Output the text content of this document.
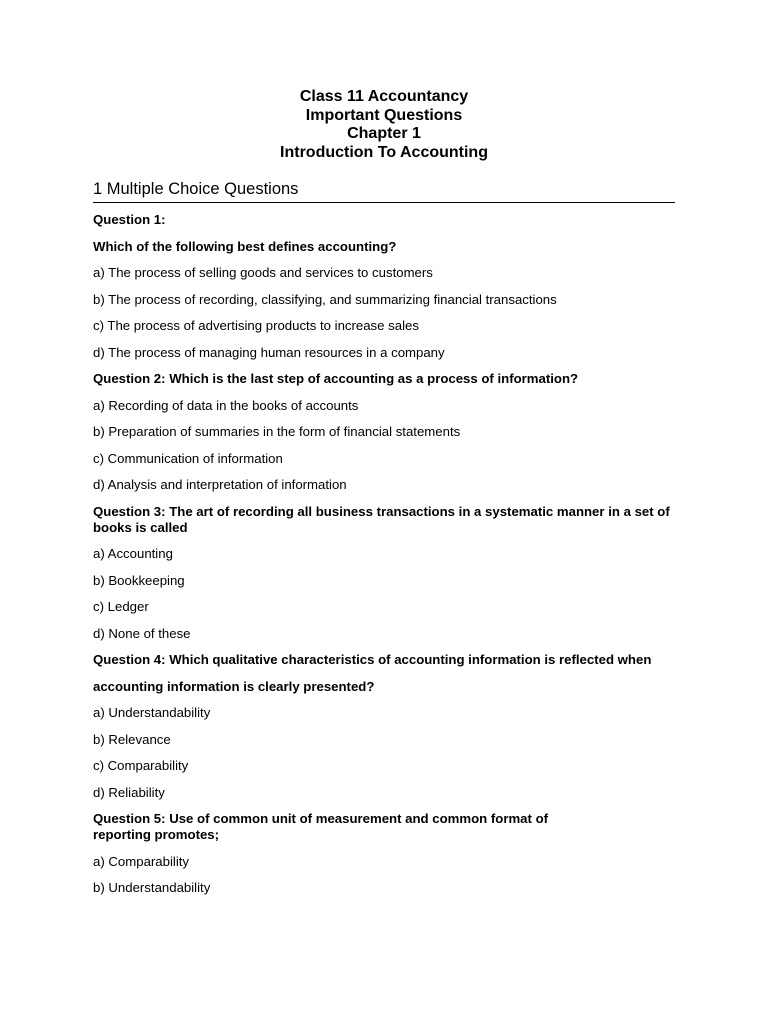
Class 11 Accountancy
Important Questions
Chapter 1
Introduction To Accounting
1 Multiple Choice Questions

Question 1:

Which of the following best defines accounting?

a) The process of selling goods and services to customers

b) The process of recording, classifying, and summarizing financial transactions

c) The process of advertising products to increase sales

d) The process of managing human resources in a company

Question 2: Which is the last step of accounting as a process of information?

a) Recording of data in the books of accounts

b) Preparation of summaries in the form of financial statements

c) Communication of information

d) Analysis and interpretation of information

Question 3: The art of recording all business transactions in a systematic manner in a set of books is called

a) Accounting

b) Bookkeeping

c) Ledger

d) None of these

Question 4: Which qualitative characteristics of accounting information is reflected when

accounting information is clearly presented?

a) Understandability

b) Relevance

c) Comparability

d) Reliability

Question 5: Use of common unit of measurement and common format of
reporting promotes;

a) Comparability

b) Understandability
